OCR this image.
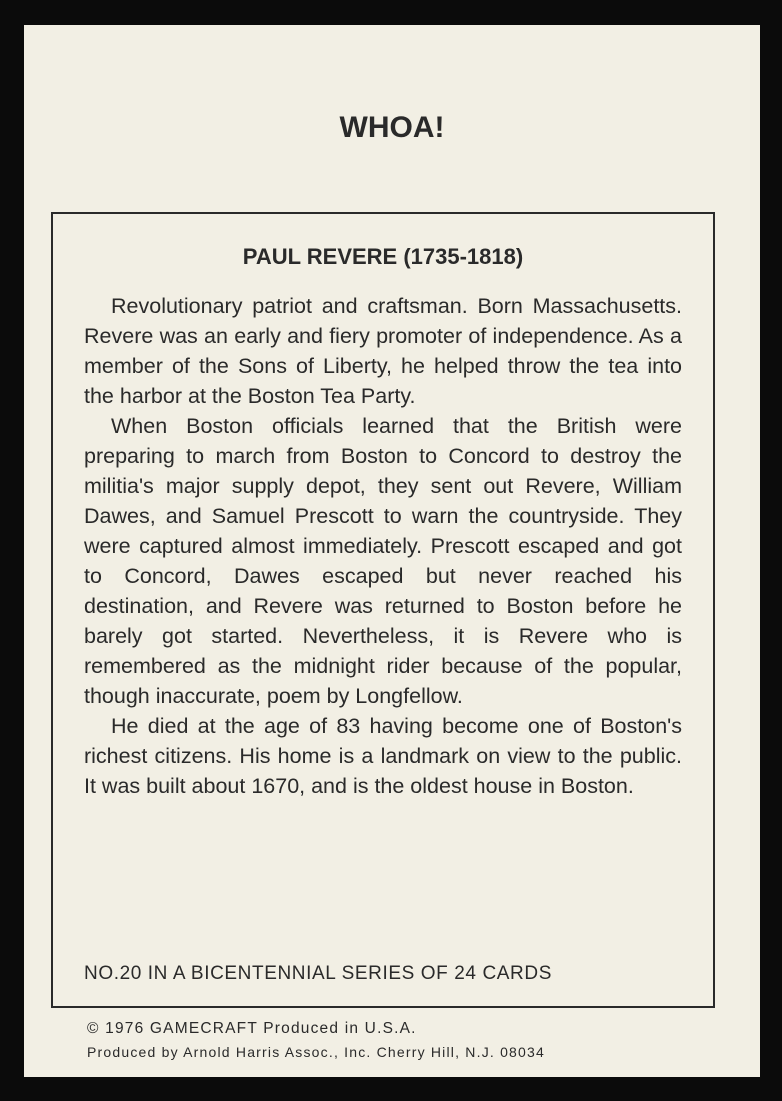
WHOA!
PAUL REVERE (1735-1818)

Revolutionary patriot and craftsman. Born Massachusetts. Revere was an early and fiery promoter of independence. As a member of the Sons of Liberty, he helped throw the tea into the harbor at the Boston Tea Party.

When Boston officials learned that the British were preparing to march from Boston to Concord to destroy the militia's major supply depot, they sent out Revere, William Dawes, and Samuel Prescott to warn the countryside. They were captured almost immediately. Prescott escaped and got to Concord, Dawes escaped but never reached his destination, and Revere was returned to Boston before he barely got started. Nevertheless, it is Revere who is remembered as the midnight rider because of the popular, though inaccurate, poem by Longfellow.

He died at the age of 83 having become one of Boston's richest citizens. His home is a landmark on view to the public. It was built about 1670, and is the oldest house in Boston.

NO.20 IN A BICENTENNIAL SERIES OF 24 CARDS
© 1976 GAMECRAFT Produced in U.S.A.
Produced by Arnold Harris Assoc., Inc. Cherry Hill, N.J. 08034
